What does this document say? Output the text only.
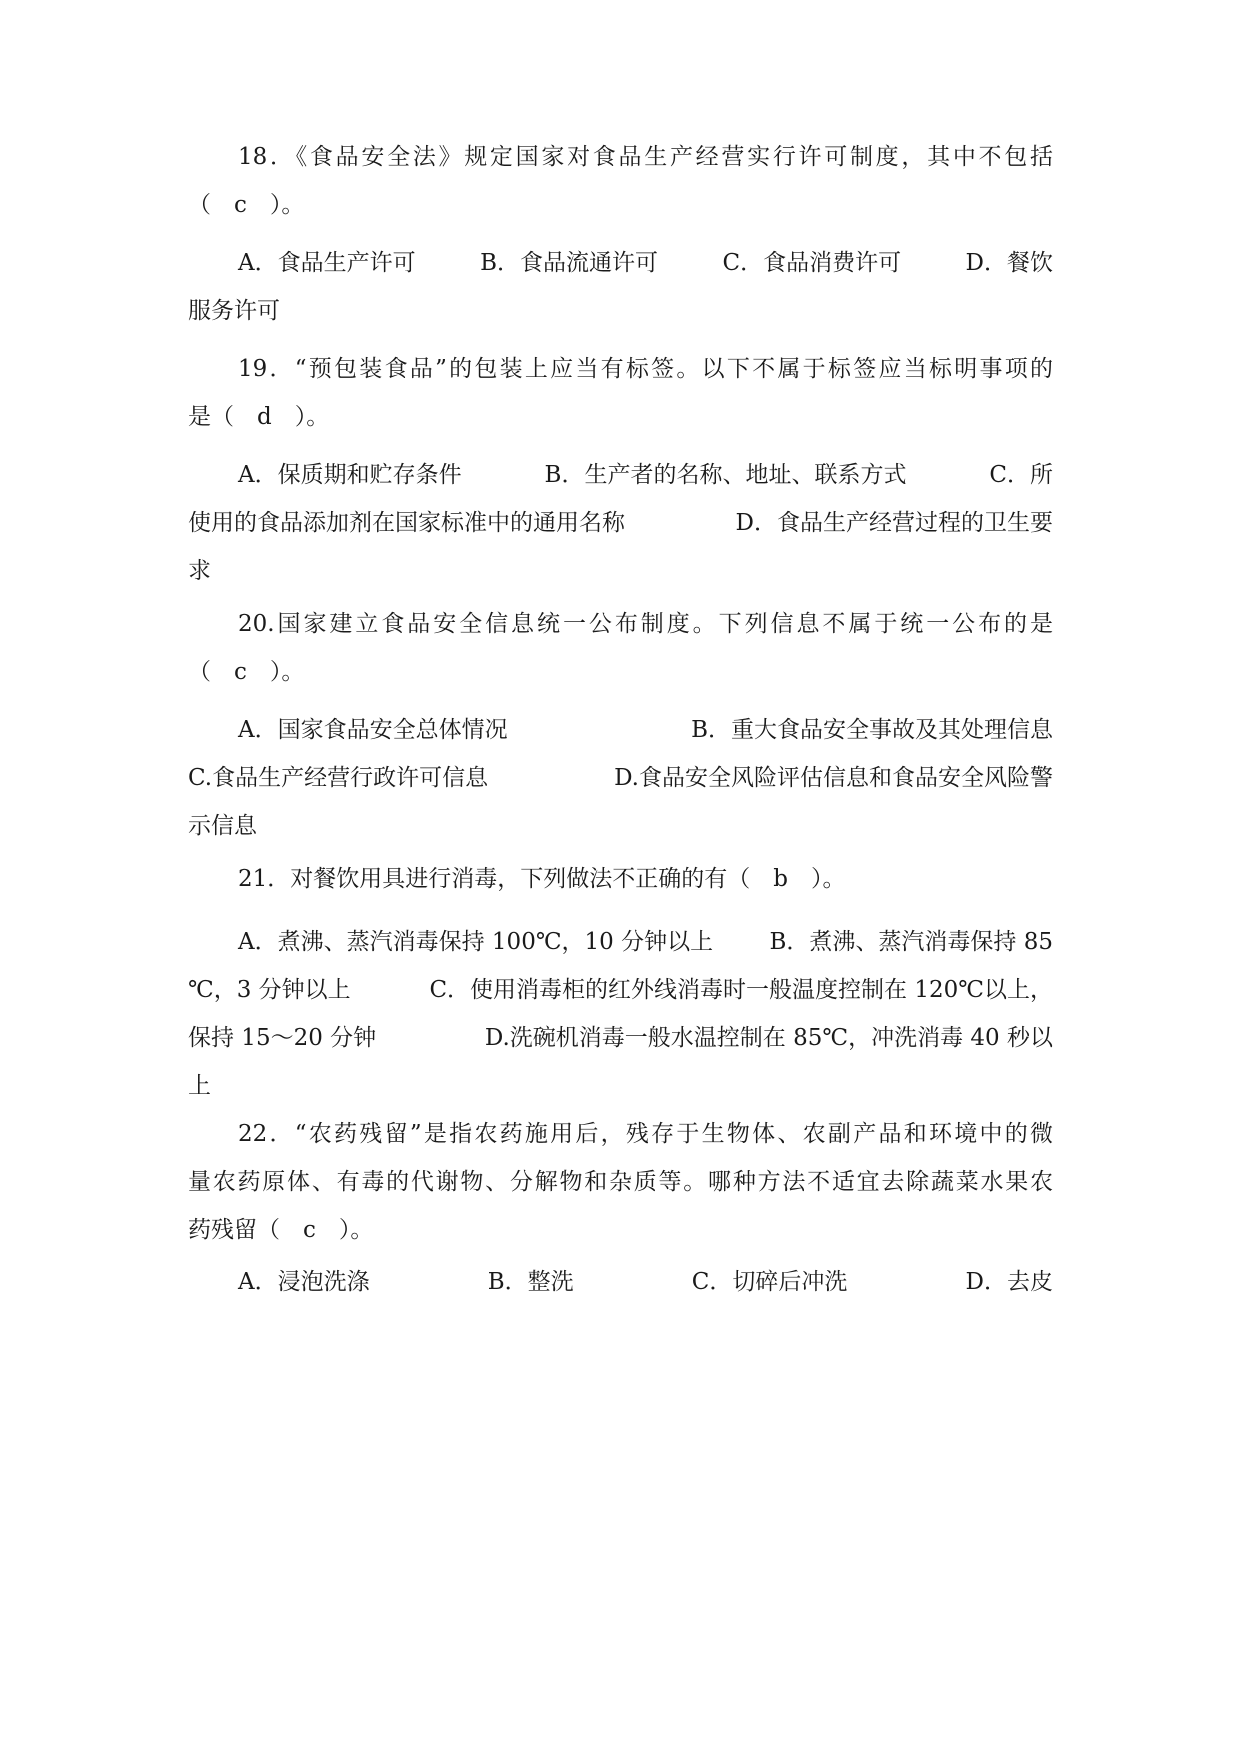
18．《食品安全法》规定国家对食品生产经营实行许可制度，其中不包括
（　c　）。
A．食品生产许可	B．食品流通许可	C．食品消费许可	D．餐饮
服务许可
19．“预包装食品”的包装上应当有标签。以下不属于标签应当标明事项的
是（　d　）。
A．保质期和贮存条件	B．生产者的名称、地址、联系方式	C．所
使用的食品添加剂在国家标准中的通用名称	D．食品生产经营过程的卫生要
求
20.国家建立食品安全信息统一公布制度。下列信息不属于统一公布的是
（　c　）。
A．国家食品安全总体情况	B．重大食品安全事故及其处理信息
C.食品生产经营行政许可信息	D.食品安全风险评估信息和食品安全风险警
示信息
21．对餐饮用具进行消毒，下列做法不正确的有（　b　）。
A．煮沸、蒸汽消毒保持 100℃，10 分钟以上 B．煮沸、蒸汽消毒保持 85
℃，3 分钟以上	C．使用消毒柜的红外线消毒时一般温度控制在 120℃以上，
保持 15～20 分钟	D.洗碗机消毒一般水温控制在 85℃，冲洗消毒 40 秒以
上
22．“农药残留”是指农药施用后，残存于生物体、农副产品和环境中的微
量农药原体、有毒的代谢物、分解物和杂质等。哪种方法不适宜去除蔬菜水果农
药残留（　c　）。
A．浸泡洗涤	B．整洗	C．切碎后冲洗	D．去皮
